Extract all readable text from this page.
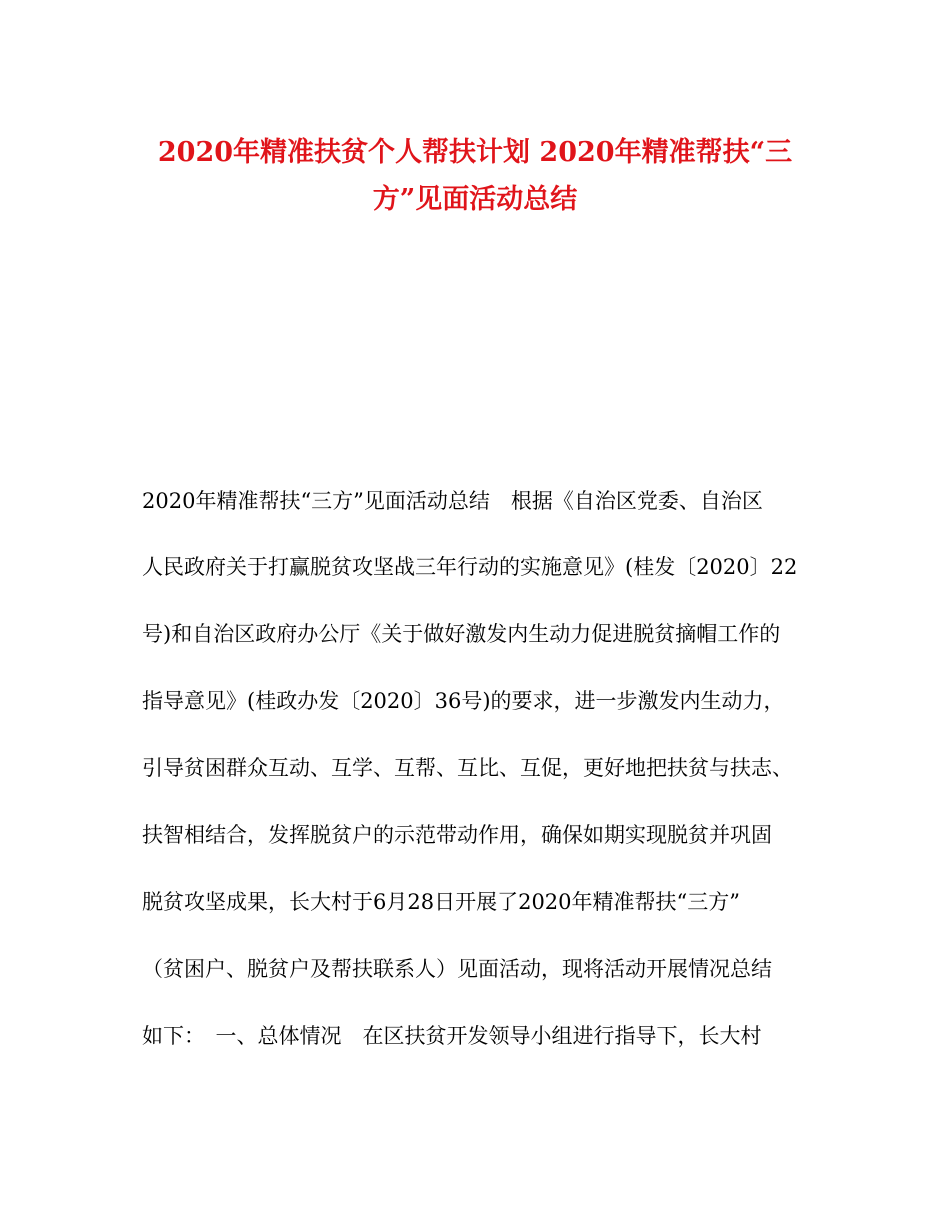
2020年精准扶贫个人帮扶计划 2020年精准帮扶“三
方”见面活动总结

2020年精准帮扶“三方”见面活动总结　根据《自治区党委、自治区

人民政府关于打赢脱贫攻坚战三年行动的实施意见》(桂发〔2020〕22

号)和自治区政府办公厅《关于做好激发内生动力促进脱贫摘帽工作的

指导意见》(桂政办发〔2020〕36号)的要求，进一步激发内生动力，

引导贫困群众互动、互学、互帮、互比、互促，更好地把扶贫与扶志、

扶智相结合，发挥脱贫户的示范带动作用，确保如期实现脱贫并巩固

脱贫攻坚成果，长大村于6月28日开展了2020年精准帮扶“三方”

（贫困户、脱贫户及帮扶联系人）见面活动，现将活动开展情况总结

如下：　一、总体情况　在区扶贫开发领导小组进行指导下，长大村
